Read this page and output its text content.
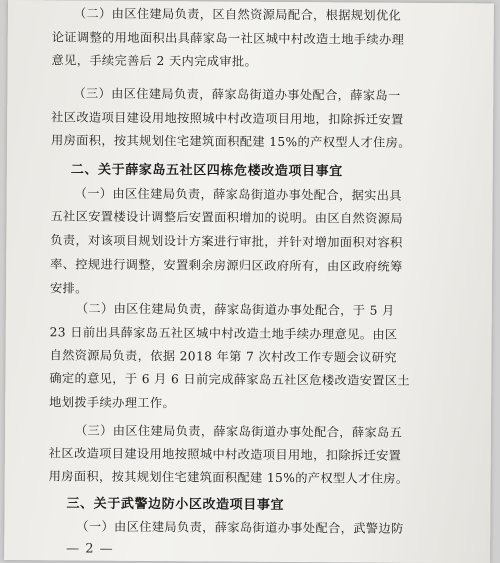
（二）由区住建局负责，区自然资源局配合，根据规划优化
论证调整的用地面积出具薛家岛一社区城中村改造土地手续办理
意见，手续完善后 2 天内完成审批。
（三）由区住建局负责，薛家岛街道办事处配合，薛家岛一
社区改造项目建设用地按照城中村改造项目用地，扣除拆迁安置
用房面积，按其规划住宅建筑面积配建 15%的产权型人才住房。
二、关于薛家岛五社区四栋危楼改造项目事宜
（一）由区住建局负责，薛家岛街道办事处配合，据实出具
五社区安置楼设计调整后安置面积增加的说明。由区自然资源局
负责，对该项目规划设计方案进行审批，并针对增加面积对容积
率、控规进行调整，安置剩余房源归区政府所有，由区政府统筹
安排。
（二）由区住建局负责，薛家岛街道办事处配合，于 5 月
23 日前出具薛家岛五社区城中村改造土地手续办理意见。由区
自然资源局负责，依据 2018 年第 7 次村改工作专题会议研究
确定的意见，于 6 月 6 日前完成薛家岛五社区危楼改造安置区土
地划拨手续办理工作。
（三）由区住建局负责，薛家岛街道办事处配合，薛家岛五
社区改造项目建设用地按照城中村改造项目用地，扣除拆迁安置
用房面积，按其规划住宅建筑面积配建 15%的产权型人才住房。
三、关于武警边防小区改造项目事宜
（一）由区住建局负责，薛家岛街道办事处配合，武警边防
— 2 —
